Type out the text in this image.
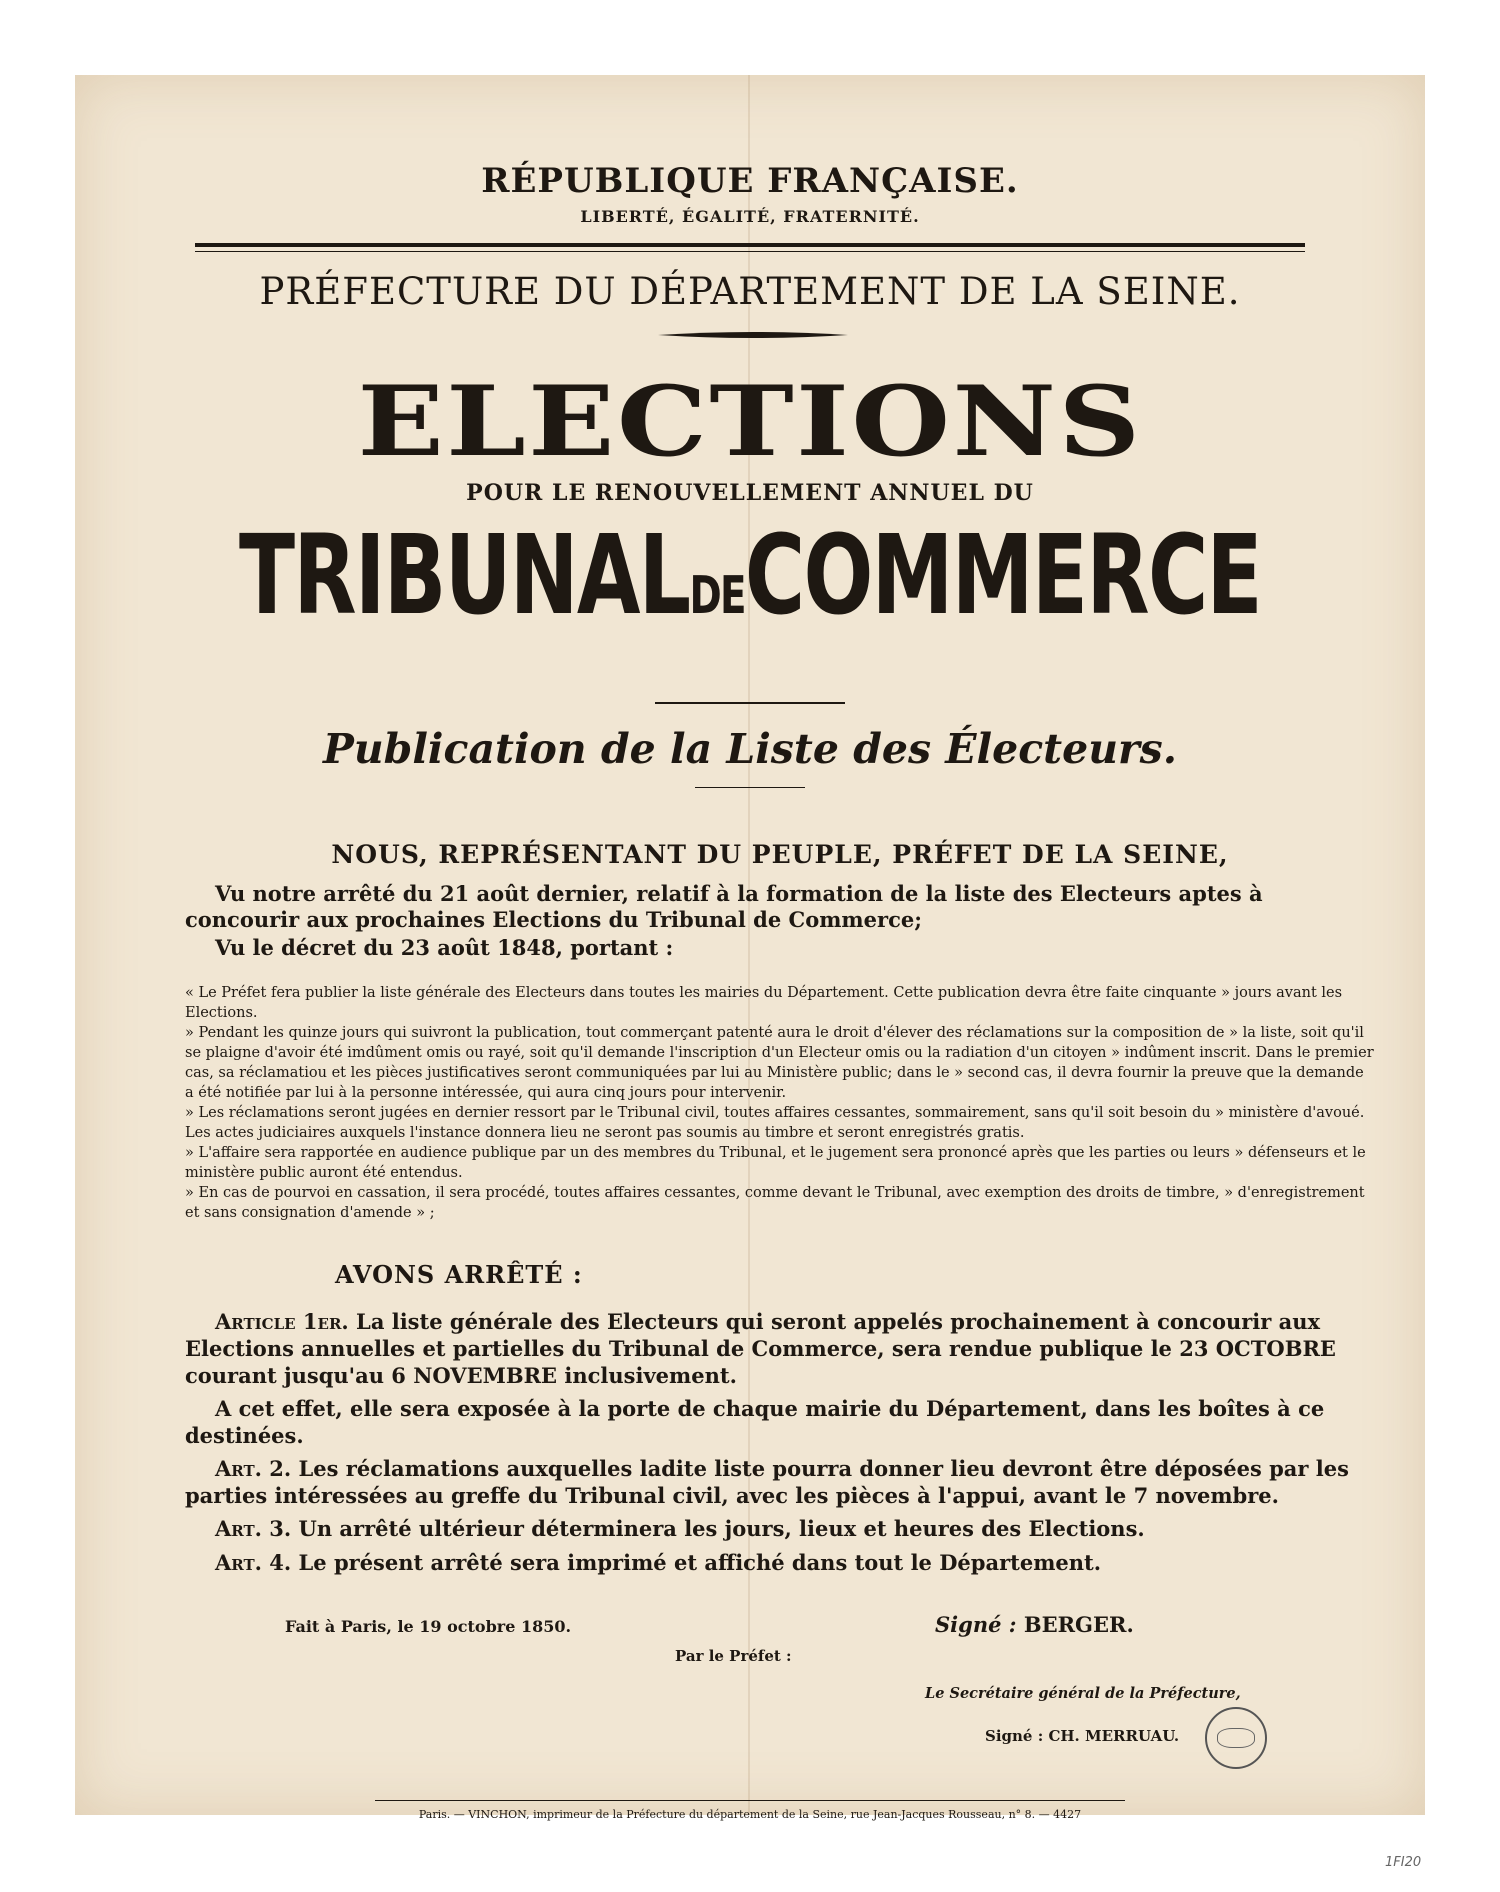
RÉPUBLIQUE FRANÇAISE.
LIBERTÉ, ÉGALITÉ, FRATERNITÉ.
PRÉFECTURE DU DÉPARTEMENT DE LA SEINE.
ELECTIONS
POUR LE RENOUVELLEMENT ANNUEL DU
TRIBUNALDECOMMERCE
Publication de la Liste des Électeurs.
NOUS, REPRÉSENTANT DU PEUPLE, PRÉFET DE LA SEINE,
Vu notre arrêté du 21 août dernier, relatif à la formation de la liste des Electeurs aptes à concourir aux prochaines Elections du Tribunal de Commerce;
Vu le décret du 23 août 1848, portant :

« Le Préfet fera publier la liste générale des Electeurs dans toutes les mairies du Département. Cette publication devra être faite cinquante » jours avant les Elections.

» Pendant les quinze jours qui suivront la publication, tout commerçant patenté aura le droit d'élever des réclamations sur la composition de » la liste, soit qu'il se plaigne d'avoir été imdûment omis ou rayé, soit qu'il demande l'inscription d'un Electeur omis ou la radiation d'un citoyen » indûment inscrit. Dans le premier cas, sa réclamatiou et les pièces justificatives seront communiquées par lui au Ministère public; dans le » second cas, il devra fournir la preuve que la demande a été notifiée par lui à la personne intéressée, qui aura cinq jours pour intervenir.

» Les réclamations seront jugées en dernier ressort par le Tribunal civil, toutes affaires cessantes, sommairement, sans qu'il soit besoin du » ministère d'avoué. Les actes judiciaires auxquels l'instance donnera lieu ne seront pas soumis au timbre et seront enregistrés gratis.

» L'affaire sera rapportée en audience publique par un des membres du Tribunal, et le jugement sera prononcé après que les parties ou leurs » défenseurs et le ministère public auront été entendus.

» En cas de pourvoi en cassation, il sera procédé, toutes affaires cessantes, comme devant le Tribunal, avec exemption des droits de timbre, » d'enregistrement et sans consignation d'amende » ;

AVONS ARRÊTÉ :
Article 1er. La liste générale des Electeurs qui seront appelés prochainement à concourir aux Elections annuelles et partielles du Tribunal de Commerce, sera rendue publique le 23 OCTOBRE courant jusqu'au 6 NOVEMBRE inclusivement.
A cet effet, elle sera exposée à la porte de chaque mairie du Département, dans les boîtes à ce destinées.
Art. 2. Les réclamations auxquelles ladite liste pourra donner lieu devront être déposées par les parties intéressées au greffe du Tribunal civil, avec les pièces à l'appui, avant le 7 novembre.
Art. 3. Un arrêté ultérieur déterminera les jours, lieux et heures des Elections.
Art. 4. Le présent arrêté sera imprimé et affiché dans tout le Département.
Fait à Paris, le 19 octobre 1850.	Signé : BERGER.
Par le Préfet :
Le Secrétaire général de la Préfecture,
Signé : CH. MERRUAU.
Paris. — VINCHON, imprimeur de la Préfecture du département de la Seine, rue Jean-Jacques Rousseau, n° 8. — 4427
1FI20
